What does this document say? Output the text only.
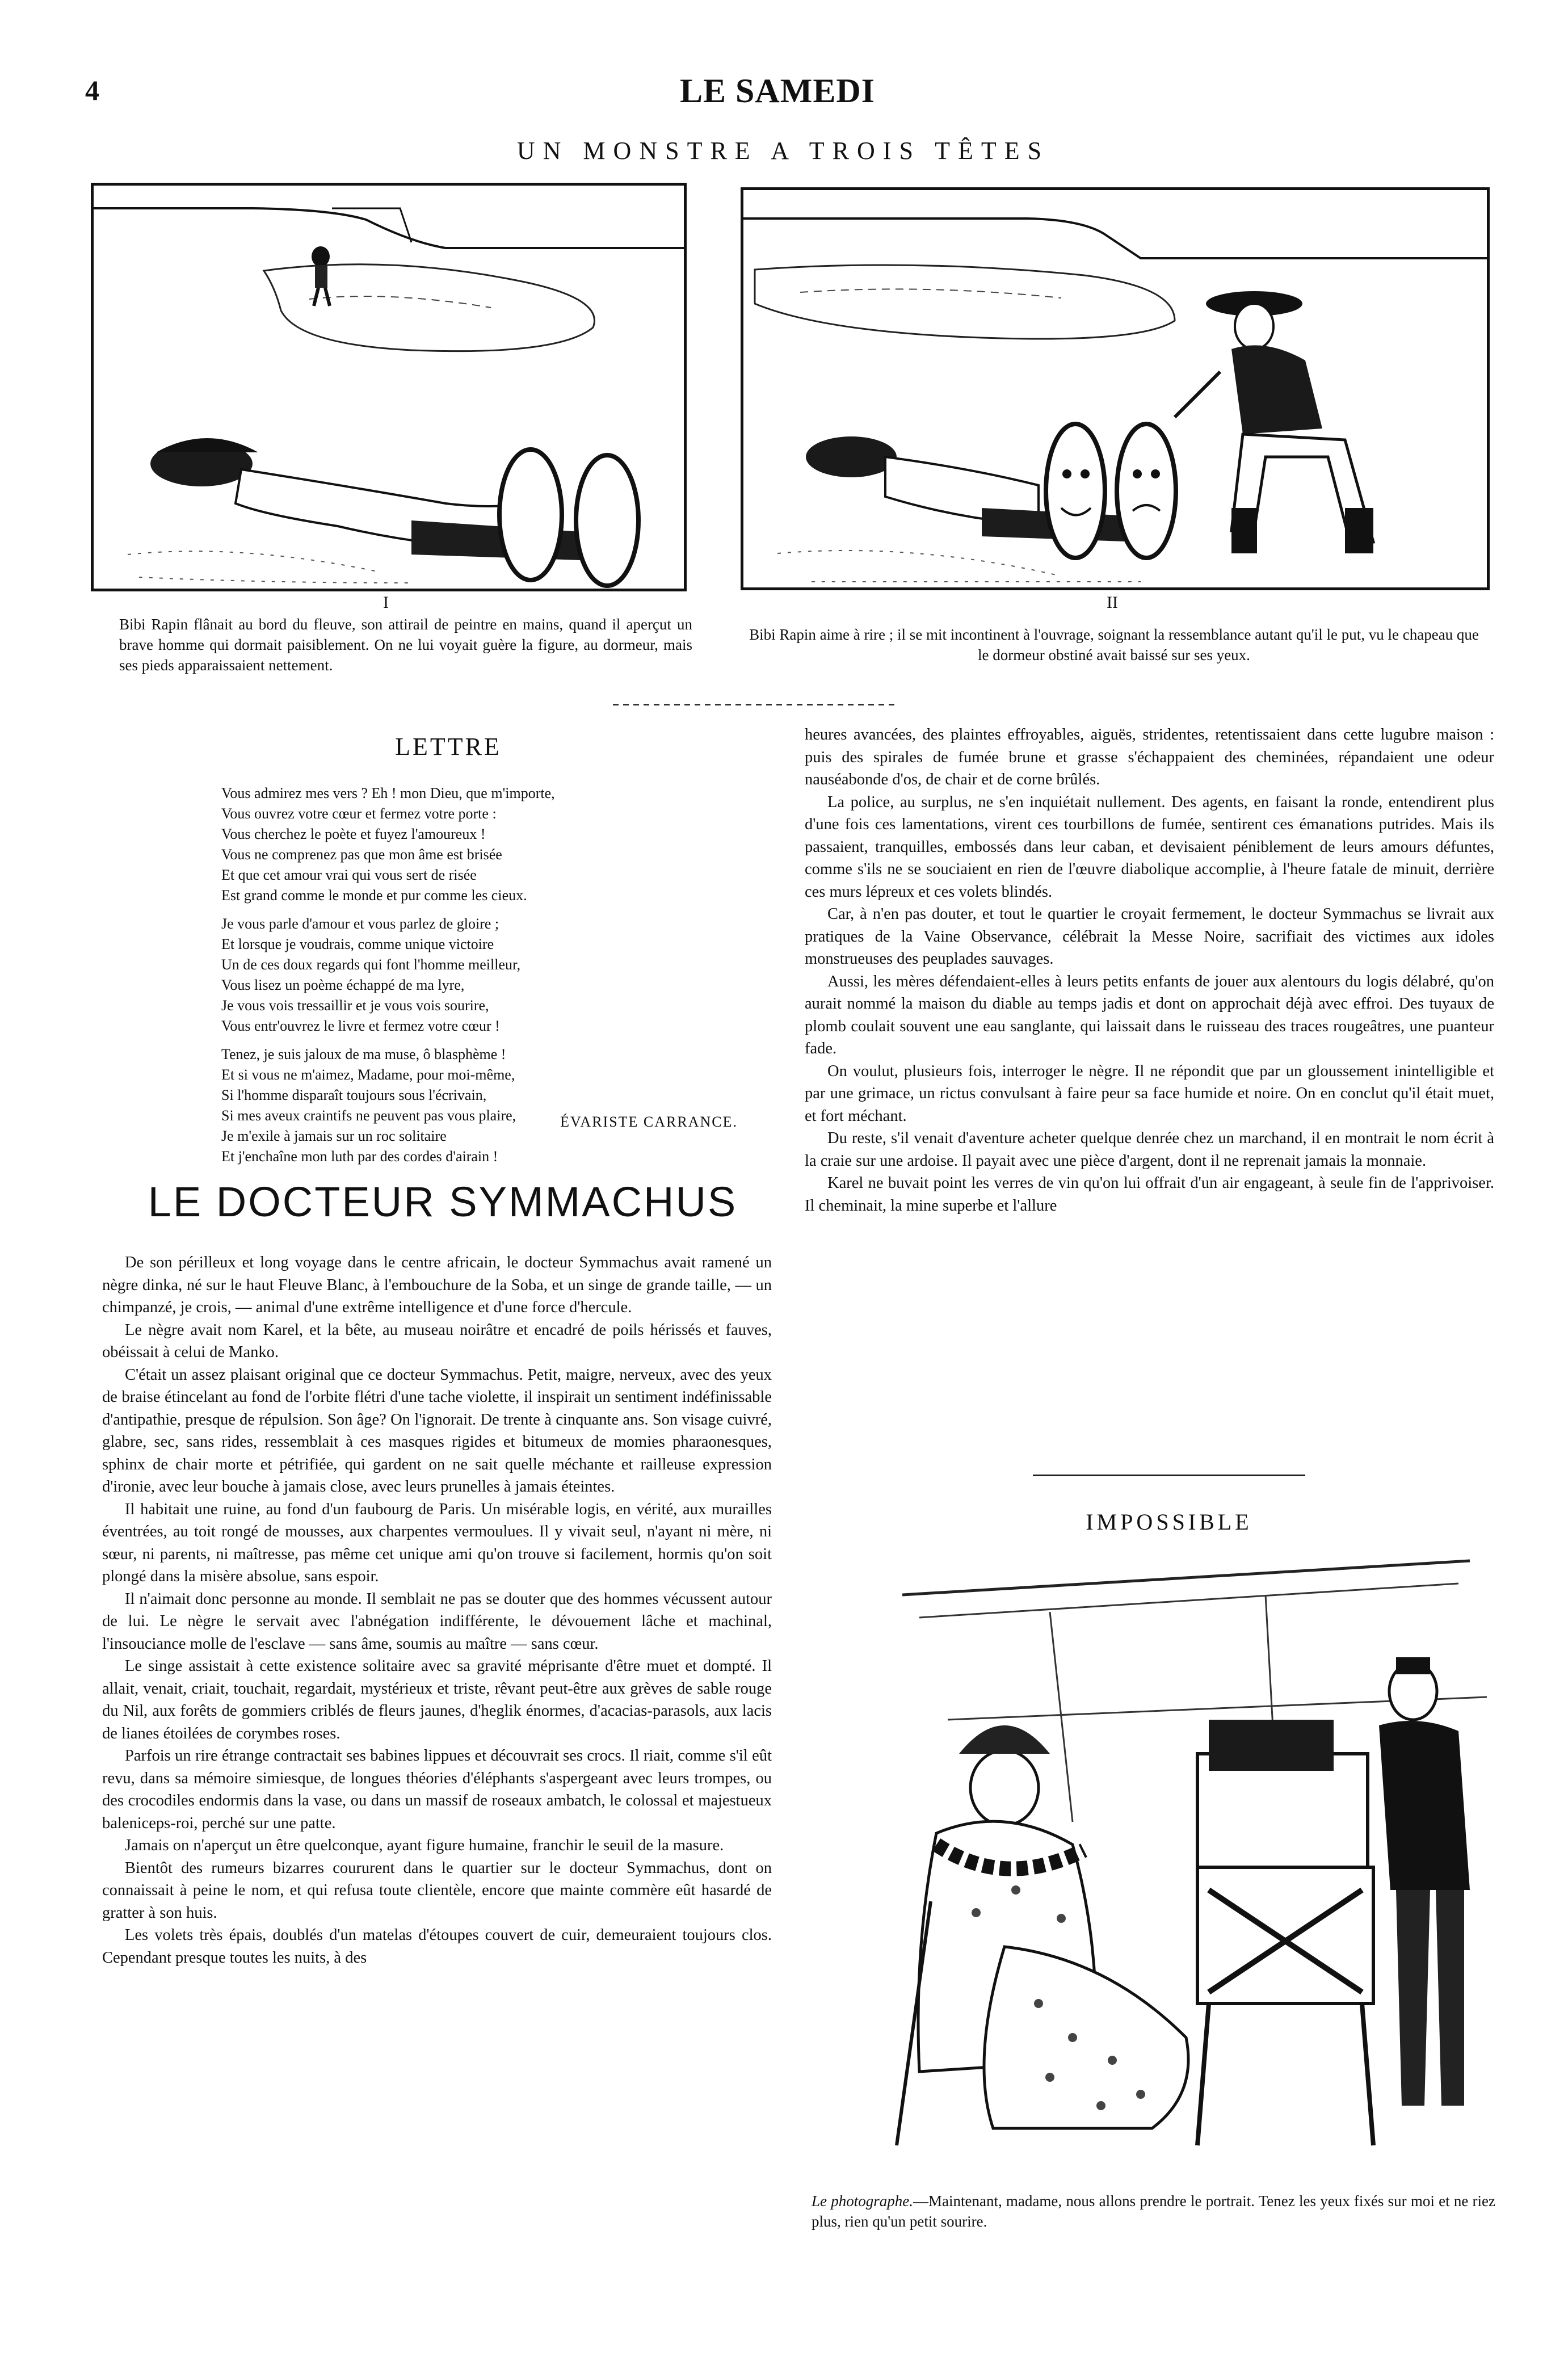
4	LE SAMEDI
UN MONSTRE A TROIS TÊTES
I
Bibi Rapin flânait au bord du fleuve, son attirail de peintre en mains, quand il aperçut un brave homme qui dormait paisiblement. On ne lui voyait guère la figure, au dormeur, mais ses pieds apparaissaient nettement.
II
Bibi Rapin aime à rire ; il se mit incontinent à l'ouvrage, soignant la ressemblance autant qu'il le put, vu le chapeau que le dormeur obstiné avait baissé sur ses yeux.
LETTRE
Vous admirez mes vers ? Eh ! mon Dieu, que m'importe,
Vous ouvrez votre cœur et fermez votre porte :
Vous cherchez le poète et fuyez l'amoureux !
Vous ne comprenez pas que mon âme est brisée
Et que cet amour vrai qui vous sert de risée
Est grand comme le monde et pur comme les cieux.
Je vous parle d'amour et vous parlez de gloire ;
Et lorsque je voudrais, comme unique victoire
Un de ces doux regards qui font l'homme meilleur,
Vous lisez un poème échappé de ma lyre,
Je vous vois tressaillir et je vous vois sourire,
Vous entr'ouvrez le livre et fermez votre cœur !
Tenez, je suis jaloux de ma muse, ô blasphème !
Et si vous ne m'aimez, Madame, pour moi-même,
Si l'homme disparaît toujours sous l'écrivain,
Si mes aveux craintifs ne peuvent pas vous plaire,
Je m'exile à jamais sur un roc solitaire
Et j'enchaîne mon luth par des cordes d'airain !
ÉVARISTE CARRANCE.
LE DOCTEUR SYMMACHUS

De son périlleux et long voyage dans le centre africain, le docteur Symmachus avait ramené un nègre dinka, né sur le haut Fleuve Blanc, à l'embouchure de la Soba, et un singe de grande taille, — un chimpanzé, je crois, — animal d'une extrême intelligence et d'une force d'hercule.

Le nègre avait nom Karel, et la bête, au museau noirâtre et encadré de poils hérissés et fauves, obéissait à celui de Manko.

C'était un assez plaisant original que ce docteur Symmachus. Petit, maigre, nerveux, avec des yeux de braise étincelant au fond de l'orbite flétri d'une tache violette, il inspirait un sentiment indéfinissable d'antipathie, presque de répulsion. Son âge? On l'ignorait. De trente à cinquante ans. Son visage cuivré, glabre, sec, sans rides, ressemblait à ces masques rigides et bitumeux de momies pharaonesques, sphinx de chair morte et pétrifiée, qui gardent on ne sait quelle méchante et railleuse expression d'ironie, avec leur bouche à jamais close, avec leurs prunelles à jamais éteintes.

Il habitait une ruine, au fond d'un faubourg de Paris. Un misérable logis, en vérité, aux murailles éventrées, au toit rongé de mousses, aux charpentes vermoulues. Il y vivait seul, n'ayant ni mère, ni sœur, ni parents, ni maîtresse, pas même cet unique ami qu'on trouve si facilement, hormis qu'on soit plongé dans la misère absolue, sans espoir.

Il n'aimait donc personne au monde. Il semblait ne pas se douter que des hommes vécussent autour de lui. Le nègre le servait avec l'abnégation indifférente, le dévouement lâche et machinal, l'insouciance molle de l'esclave — sans âme, soumis au maître — sans cœur.

Le singe assistait à cette existence solitaire avec sa gravité méprisante d'être muet et dompté. Il allait, venait, criait, touchait, regardait, mystérieux et triste, rêvant peut-être aux grèves de sable rouge du Nil, aux forêts de gommiers criblés de fleurs jaunes, d'heglik énormes, d'acacias-parasols, aux lacis de lianes étoilées de corymbes roses.

Parfois un rire étrange contractait ses babines lippues et découvrait ses crocs. Il riait, comme s'il eût revu, dans sa mémoire simiesque, de longues théories d'éléphants s'aspergeant avec leurs trompes, ou des crocodiles endormis dans la vase, ou dans un massif de roseaux ambatch, le colossal et majestueux baleniceps-roi, perché sur une patte.

Jamais on n'aperçut un être quelconque, ayant figure humaine, franchir le seuil de la masure.

Bientôt des rumeurs bizarres coururent dans le quartier sur le docteur Symmachus, dont on connaissait à peine le nom, et qui refusa toute clientèle, encore que mainte commère eût hasardé de gratter à son huis.

Les volets très épais, doublés d'un matelas d'étoupes couvert de cuir, demeuraient toujours clos. Cependant presque toutes les nuits, à des

heures avancées, des plaintes effroyables, aiguës, stridentes, retentissaient dans cette lugubre maison : puis des spirales de fumée brune et grasse s'échappaient des cheminées, répandaient une odeur nauséabonde d'os, de chair et de corne brûlés.

La police, au surplus, ne s'en inquiétait nullement. Des agents, en faisant la ronde, entendirent plus d'une fois ces lamentations, virent ces tourbillons de fumée, sentirent ces émanations putrides. Mais ils passaient, tranquilles, embossés dans leur caban, et devisaient péniblement de leurs amours défuntes, comme s'ils ne se souciaient en rien de l'œuvre diabolique accomplie, à l'heure fatale de minuit, derrière ces murs lépreux et ces volets blindés.

Car, à n'en pas douter, et tout le quartier le croyait fermement, le docteur Symmachus se livrait aux pratiques de la Vaine Observance, célébrait la Messe Noire, sacrifiait des victimes aux idoles monstrueuses des peuplades sauvages.

Aussi, les mères défendaient-elles à leurs petits enfants de jouer aux alentours du logis délabré, qu'on aurait nommé la maison du diable au temps jadis et dont on approchait déjà avec effroi. Des tuyaux de plomb coulait souvent une eau sanglante, qui laissait dans le ruisseau des traces rougeâtres, une puanteur fade.

On voulut, plusieurs fois, interroger le nègre. Il ne répondit que par un gloussement inintelligible et par une grimace, un rictus convulsant à faire peur sa face humide et noire. On en conclut qu'il était muet, et fort méchant.

Du reste, s'il venait d'aventure acheter quelque denrée chez un marchand, il en montrait le nom écrit à la craie sur une ardoise. Il payait avec une pièce d'argent, dont il ne reprenait jamais la monnaie.

Karel ne buvait point les verres de vin qu'on lui offrait d'un air engageant, à seule fin de l'apprivoiser. Il cheminait, la mine superbe et l'allure

IMPOSSIBLE
Le photographe.—Maintenant, madame, nous allons prendre le portrait. Tenez les yeux fixés sur moi et ne riez plus, rien qu'un petit sourire.
